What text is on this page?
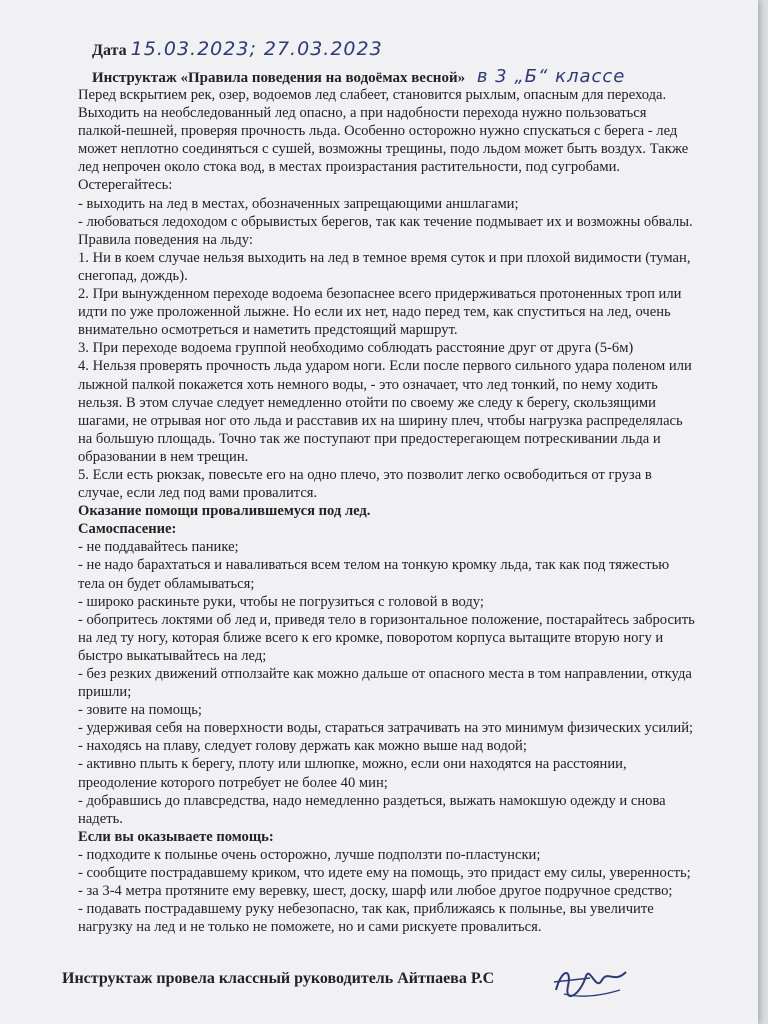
Дата 15.03.2023; 27.03.2023
Инструктаж «Правила поведения на водоёмах весной» в 3 „Б“ классе

Перед вскрытием рек, озер, водоемов лед слабеет, становится рыхлым, опасным для перехода.

Выходить на необследованный лед опасно, а при надобности перехода нужно пользоваться

палкой-пешней, проверяя прочность льда. Особенно осторожно нужно спускаться с берега - лед

может неплотно соединяться с сушей, возможны трещины, подо льдом может быть воздух. Также

лед непрочен около стока вод, в местах произрастания растительности, под сугробами.

Остерегайтесь:

- выходить на лед в местах, обозначенных запрещающими аншлагами;

- любоваться ледоходом с обрывистых берегов, так как течение подмывает их и возможны обвалы.

Правила поведения на льду:

1. Ни в коем случае нельзя выходить на лед в темное время суток и при плохой видимости (туман,

снегопад, дождь).

2. При вынужденном переходе водоема безопаснее всего придерживаться протоненных троп или

идти по уже проложенной лыжне. Но если их нет, надо перед тем, как спуститься на лед, очень

внимательно осмотреться и наметить предстоящий маршрут.

3. При переходе водоема группой необходимо соблюдать расстояние друг от друга (5-6м)

4. Нельзя проверять прочность льда ударом ноги. Если после первого сильного удара поленом или

лыжной палкой покажется хоть немного воды, - это означает, что лед тонкий, по нему ходить

нельзя. В этом случае следует немедленно отойти по своему же следу к берегу, скользящими

шагами, не отрывая ног ото льда и расставив их на ширину плеч, чтобы нагрузка распределялась

на большую площадь. Точно так же поступают при предостерегающем потрескивании льда и

образовании в нем трещин.

5. Если есть рюкзак, повесьте его на одно плечо, это позволит легко освободиться от груза в

случае, если лед под вами провалится.

Оказание помощи провалившемуся под лед.

Самоспасение:

- не поддавайтесь панике;

- не надо барахтаться и наваливаться всем телом на тонкую кромку льда, так как под тяжестью

тела он будет обламываться;

- широко раскиньте руки, чтобы не погрузиться с головой в воду;

- обопритесь локтями об лед и, приведя тело в горизонтальное положение, постарайтесь забросить

на лед ту ногу, которая ближе всего к его кромке, поворотом корпуса вытащите вторую ногу и

быстро выкатывайтесь на лед;

- без резких движений отползайте как можно дальше от опасного места в том направлении, откуда

пришли;

- зовите на помощь;

- удерживая себя на поверхности воды, стараться затрачивать на это минимум физических усилий;

- находясь на плаву, следует голову держать как можно выше над водой;

- активно плыть к берегу, плоту или шлюпке, можно, если они находятся на расстоянии,

преодоление которого потребует не более 40 мин;

- добравшись до плавсредства, надо немедленно раздеться, выжать намокшую одежду и снова

надеть.

Если вы оказываете помощь:

- подходите к полынье очень осторожно, лучше подползти по-пластунски;

- сообщите пострадавшему криком, что идете ему на помощь, это придаст ему силы, уверенность;

- за 3-4 метра протяните ему веревку, шест, доску, шарф или любое другое подручное средство;

- подавать пострадавшему руку небезопасно, так как, приближаясь к полынье, вы увеличите

нагрузку на лед и не только не поможете, но и сами рискуете провалиться.

Инструктаж провела классный руководитель Айтпаева Р.С
